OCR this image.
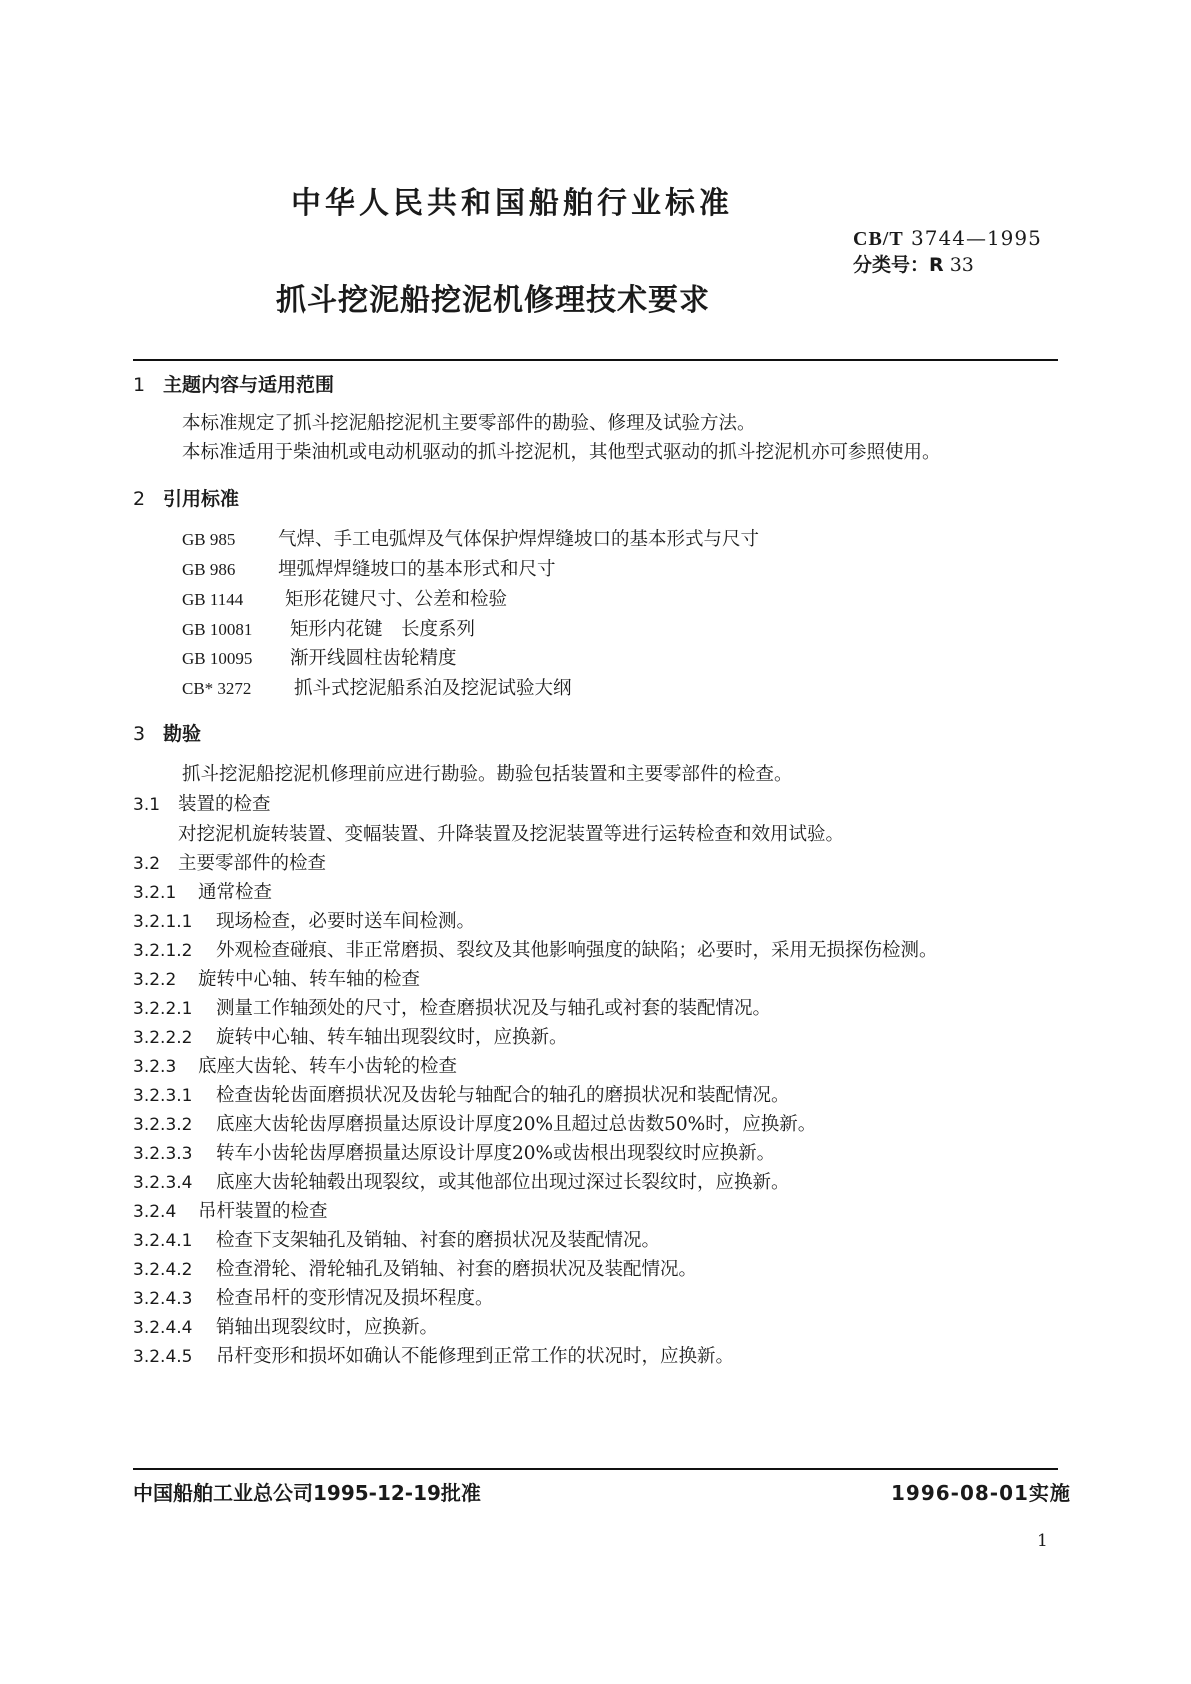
中华人民共和国船舶行业标准
CB/T 3744—1995
分类号：R 33
抓斗挖泥船挖泥机修理技术要求
1 主题内容与适用范围
本标准规定了抓斗挖泥船挖泥机主要零部件的勘验、修理及试验方法。
本标准适用于柴油机或电动机驱动的抓斗挖泥机，其他型式驱动的抓斗挖泥机亦可参照使用。
2 引用标准
GB 985 气焊、手工电弧焊及气体保护焊焊缝坡口的基本形式与尺寸
GB 986 埋弧焊焊缝坡口的基本形式和尺寸
GB 1144 矩形花键尺寸、公差和检验
GB 10081 矩形内花键　长度系列
GB 10095 渐开线圆柱齿轮精度
CB* 3272 抓斗式挖泥船系泊及挖泥试验大纲
3 勘验
抓斗挖泥船挖泥机修理前应进行勘验。勘验包括装置和主要零部件的检查。
3.1 装置的检查
对挖泥机旋转装置、变幅装置、升降装置及挖泥装置等进行运转检查和效用试验。
3.2 主要零部件的检查
3.2.1 通常检查
3.2.1.1 现场检查，必要时送车间检测。
3.2.1.2 外观检查碰痕、非正常磨损、裂纹及其他影响强度的缺陷；必要时，采用无损探伤检测。
3.2.2 旋转中心轴、转车轴的检查
3.2.2.1 测量工作轴颈处的尺寸，检查磨损状况及与轴孔或衬套的装配情况。
3.2.2.2 旋转中心轴、转车轴出现裂纹时，应换新。
3.2.3 底座大齿轮、转车小齿轮的检查
3.2.3.1 检查齿轮齿面磨损状况及齿轮与轴配合的轴孔的磨损状况和装配情况。
3.2.3.2 底座大齿轮齿厚磨损量达原设计厚度20%且超过总齿数50%时，应换新。
3.2.3.3 转车小齿轮齿厚磨损量达原设计厚度20%或齿根出现裂纹时应换新。
3.2.3.4 底座大齿轮轴毂出现裂纹，或其他部位出现过深过长裂纹时，应换新。
3.2.4 吊杆装置的检查
3.2.4.1 检查下支架轴孔及销轴、衬套的磨损状况及装配情况。
3.2.4.2 检查滑轮、滑轮轴孔及销轴、衬套的磨损状况及装配情况。
3.2.4.3 检查吊杆的变形情况及损坏程度。
3.2.4.4 销轴出现裂纹时，应换新。
3.2.4.5 吊杆变形和损坏如确认不能修理到正常工作的状况时，应换新。
中国船舶工业总公司1995-12-19批准	1996-08-01实施
1
